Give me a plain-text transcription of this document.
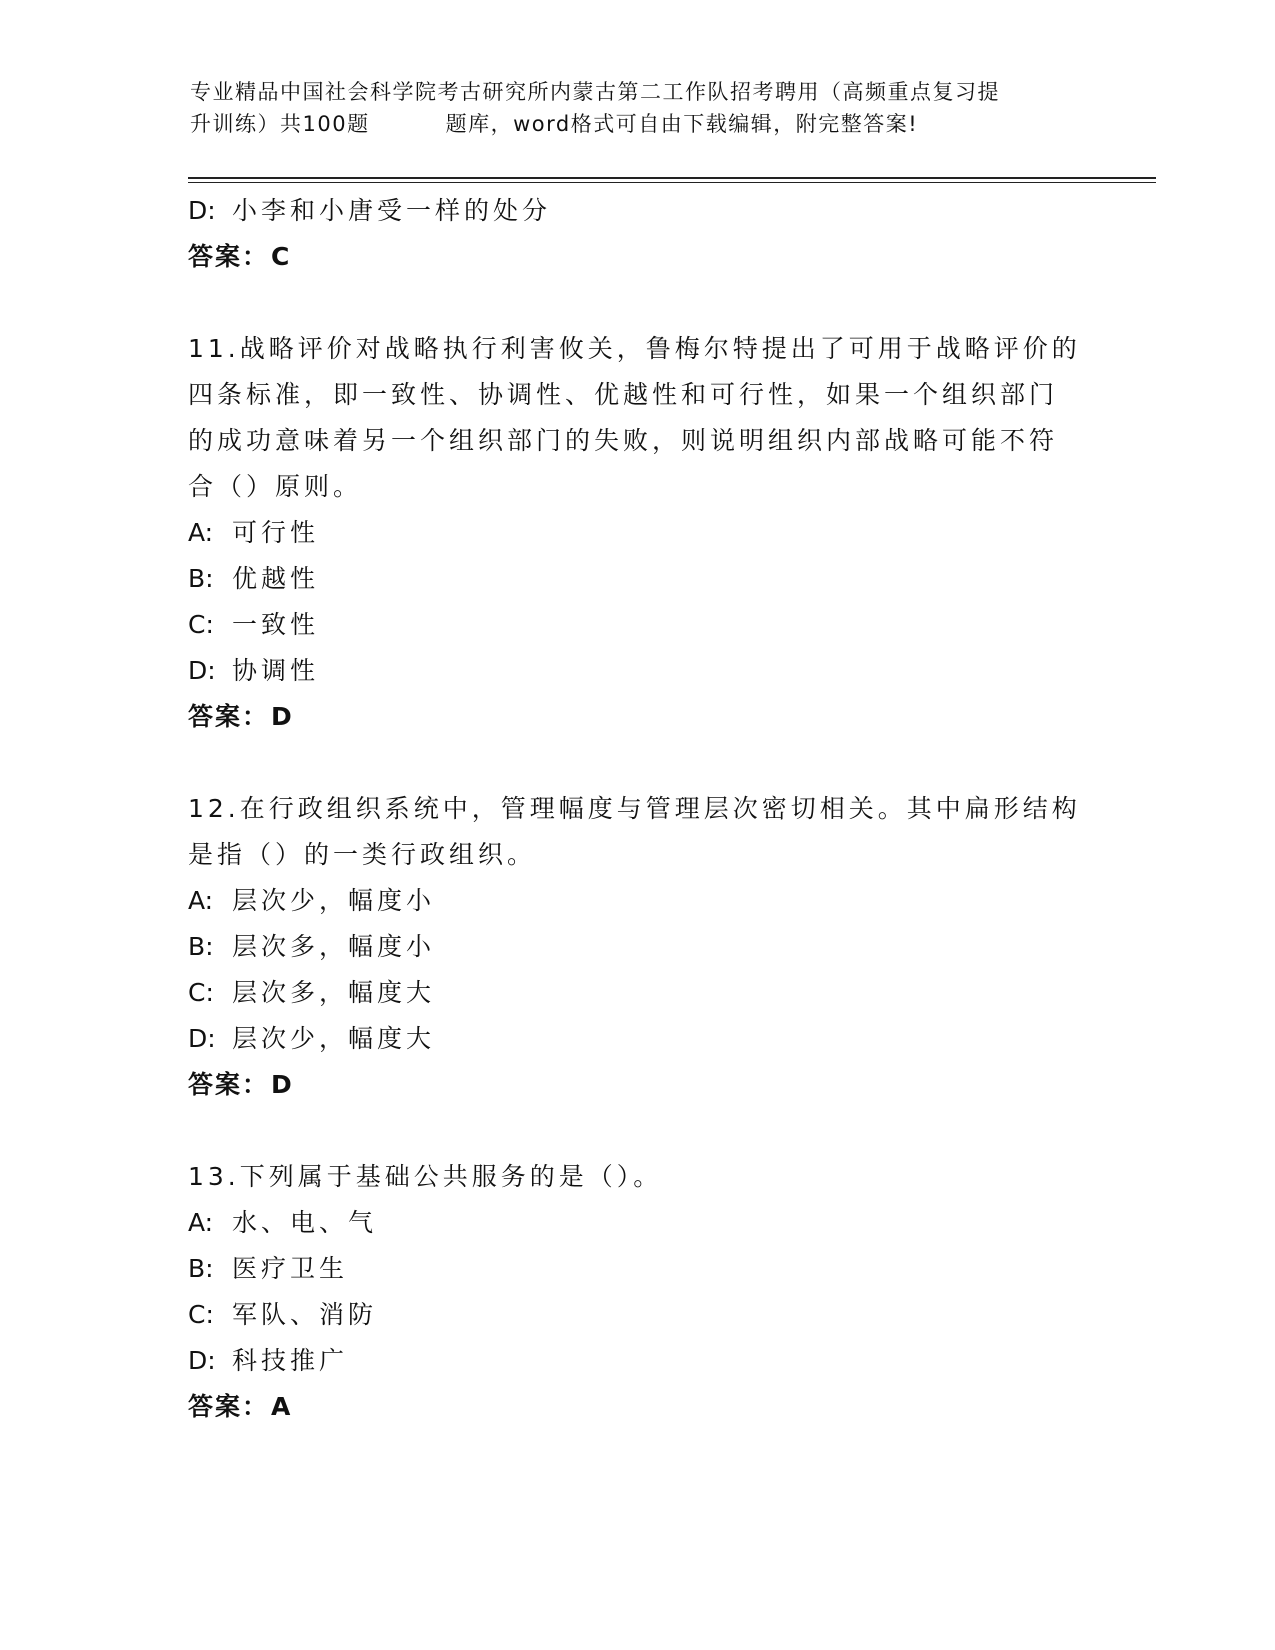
专业精品中国社会科学院考古研究所内蒙古第二工作队招考聘用（高频重点复习提
升训练）共100题	题库，word格式可自由下载编辑，附完整答案!
D: 小李和小唐受一样的处分
答案：C
11.战略评价对战略执行利害攸关，鲁梅尔特提出了可用于战略评价的
四条标准，即一致性、协调性、优越性和可行性，如果一个组织部门
的成功意味着另一个组织部门的失败，则说明组织内部战略可能不符
合（）原则。
A: 可行性
B: 优越性
C: 一致性
D: 协调性
答案：D
12.在行政组织系统中，管理幅度与管理层次密切相关。其中扁形结构
是指（）的一类行政组织。
A: 层次少，幅度小
B: 层次多，幅度小
C: 层次多，幅度大
D: 层次少，幅度大
答案：D
13.下列属于基础公共服务的是（）。
A: 水、电、气
B: 医疗卫生
C: 军队、消防
D: 科技推广
答案：A
